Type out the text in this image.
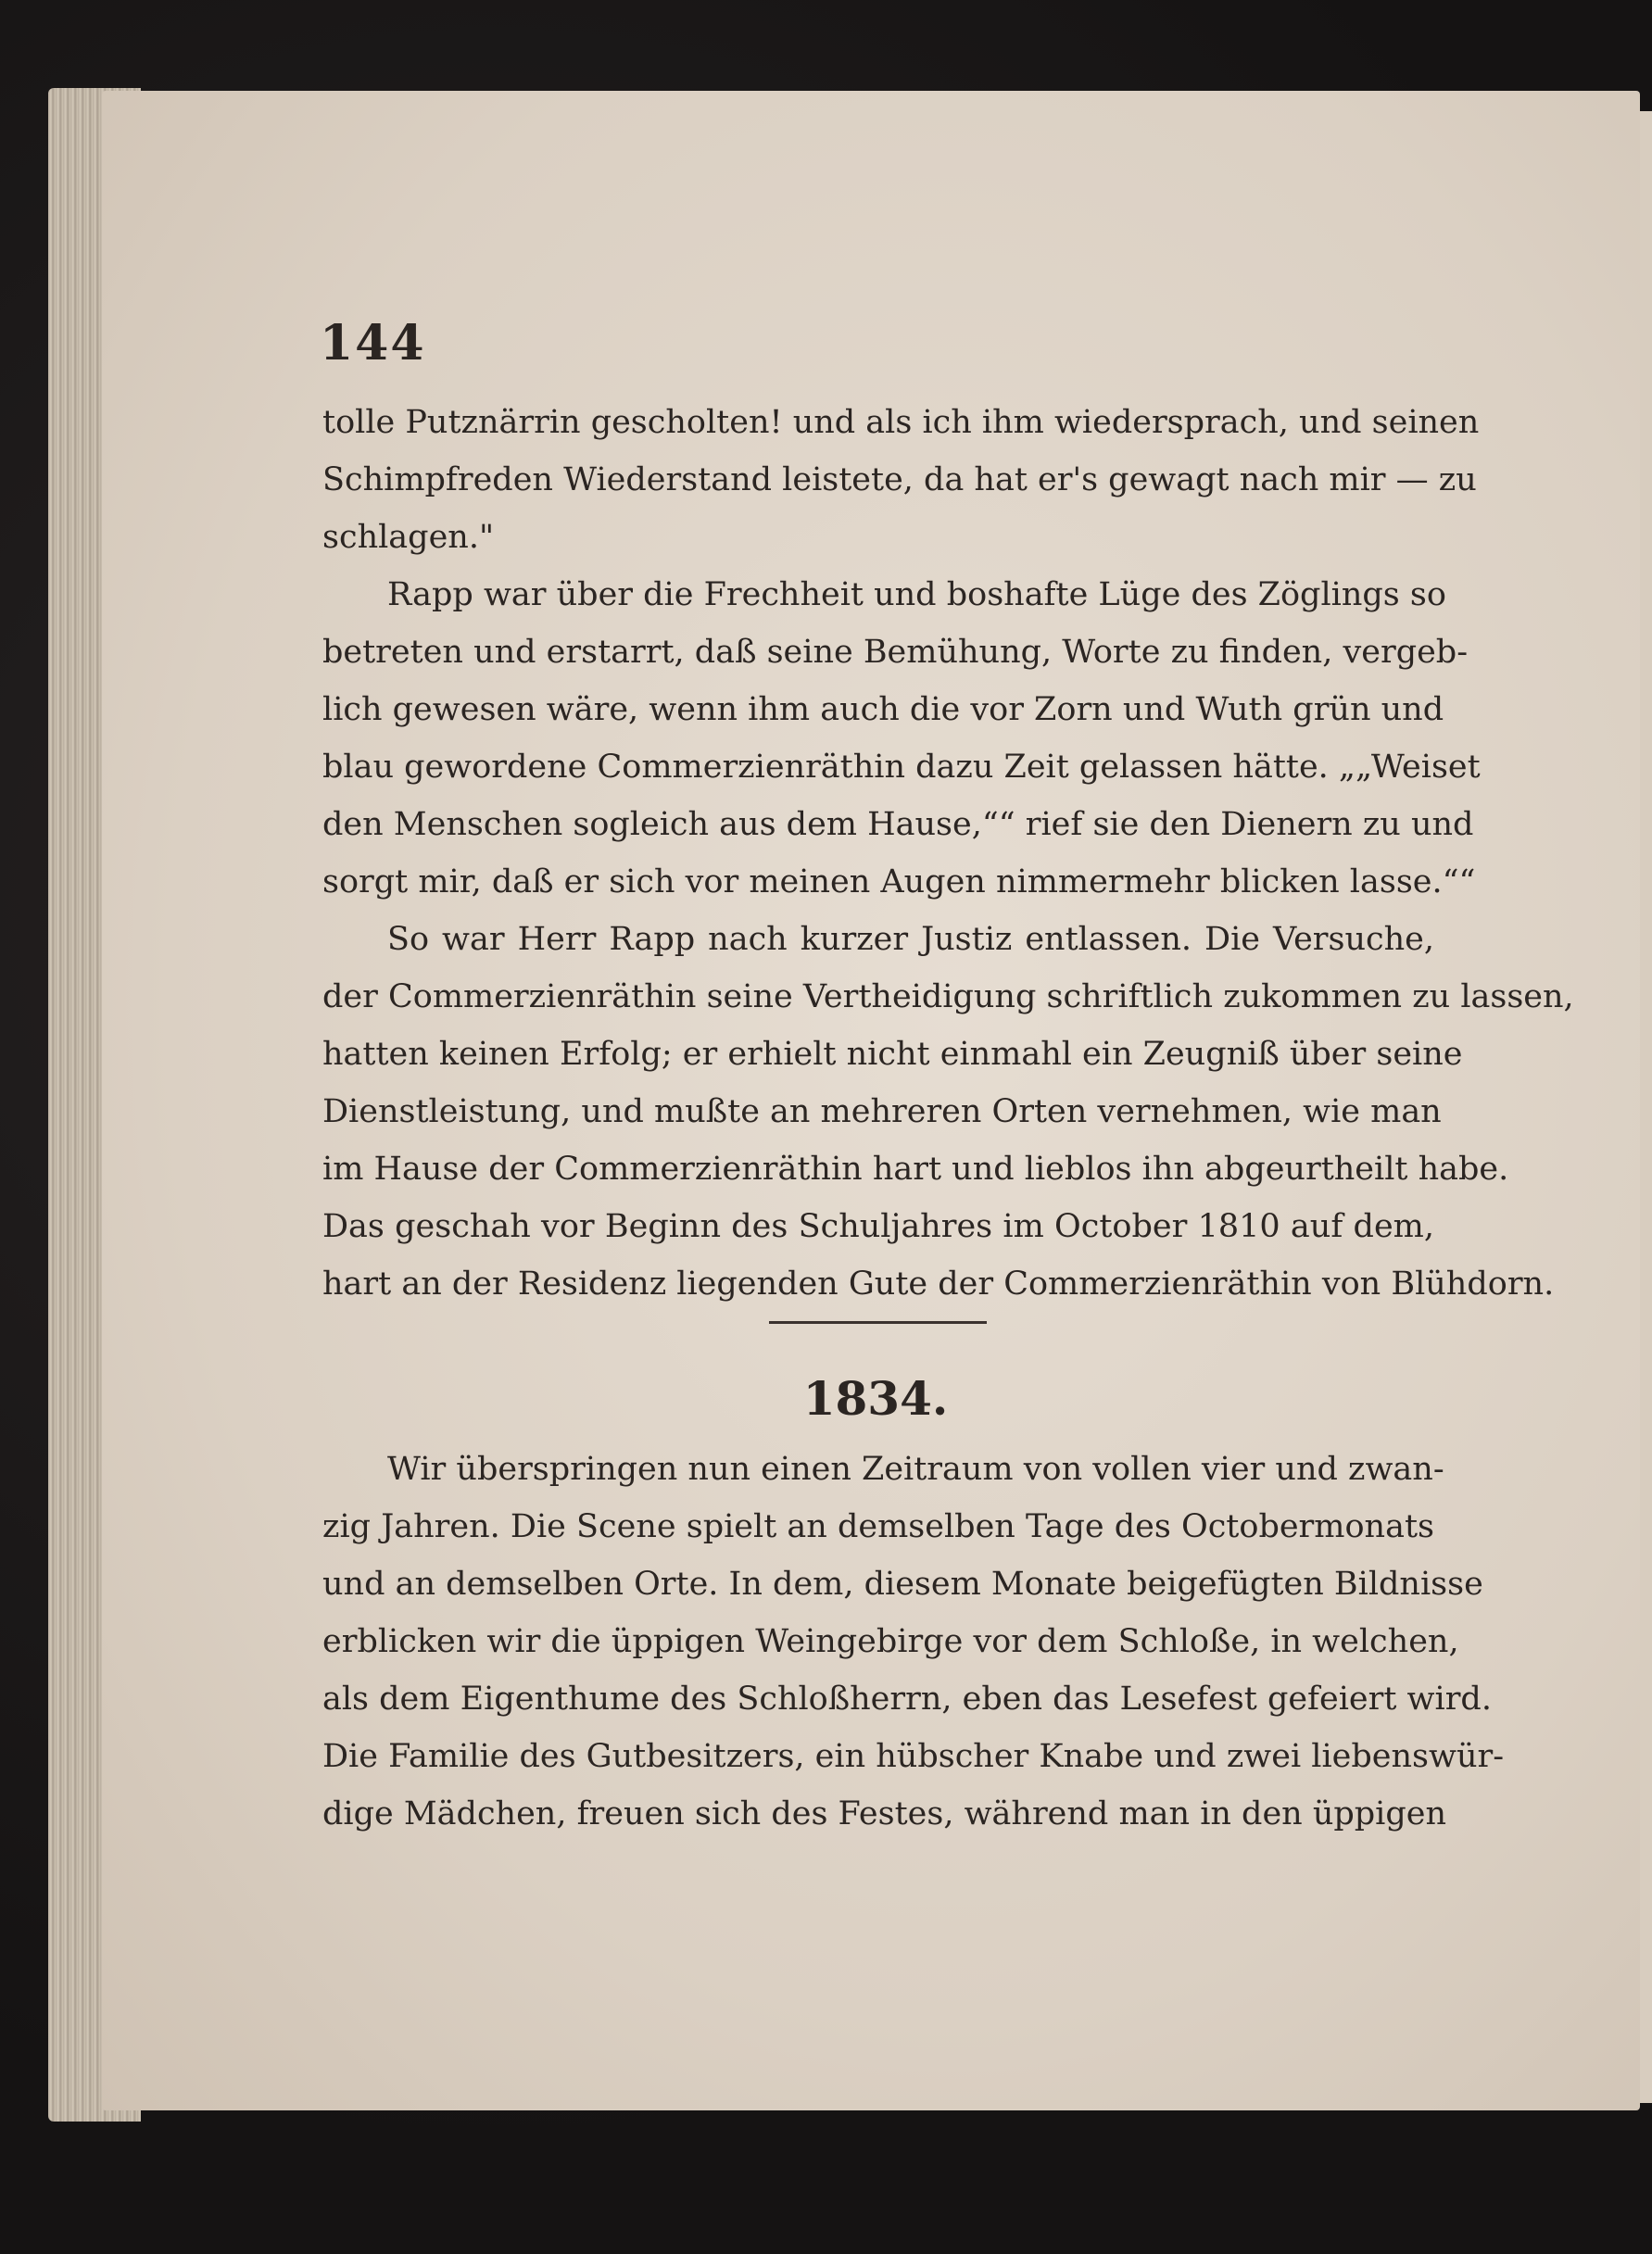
144
tolle Putznärrin gescholten! und als ich ihm wiedersprach, und seinen
Schimpfreden Wiederstand leistete, da hat er's gewagt nach mir — zu
schlagen."
Rapp war über die Frechheit und boshafte Lüge des Zöglings so
betreten und erstarrt, daß seine Bemühung, Worte zu finden, vergeb-
lich gewesen wäre, wenn ihm auch die vor Zorn und Wuth grün und
blau gewordene Commerzienräthin dazu Zeit gelassen hätte. „„Weiset
den Menschen sogleich aus dem Hause,““ rief sie den Dienern zu und
sorgt mir, daß er sich vor meinen Augen nimmermehr blicken lasse.““
So war Herr Rapp nach kurzer Justiz entlassen. Die Versuche,
der Commerzienräthin seine Vertheidigung schriftlich zukommen zu lassen,
hatten keinen Erfolg; er erhielt nicht einmahl ein Zeugniß über seine
Dienstleistung, und mußte an mehreren Orten vernehmen, wie man
im Hause der Commerzienräthin hart und lieblos ihn abgeurtheilt habe.
Das geschah vor Beginn des Schuljahres im October 1810 auf dem,
hart an der Residenz liegenden Gute der Commerzienräthin von Blühdorn.
1834.
Wir überspringen nun einen Zeitraum von vollen vier und zwan-
zig Jahren. Die Scene spielt an demselben Tage des Octobermonats
und an demselben Orte. In dem, diesem Monate beigefügten Bildnisse
erblicken wir die üppigen Weingebirge vor dem Schloße, in welchen,
als dem Eigenthume des Schloßherrn, eben das Lesefest gefeiert wird.
Die Familie des Gutbesitzers, ein hübscher Knabe und zwei liebenswür-
dige Mädchen, freuen sich des Festes, während man in den üppigen
